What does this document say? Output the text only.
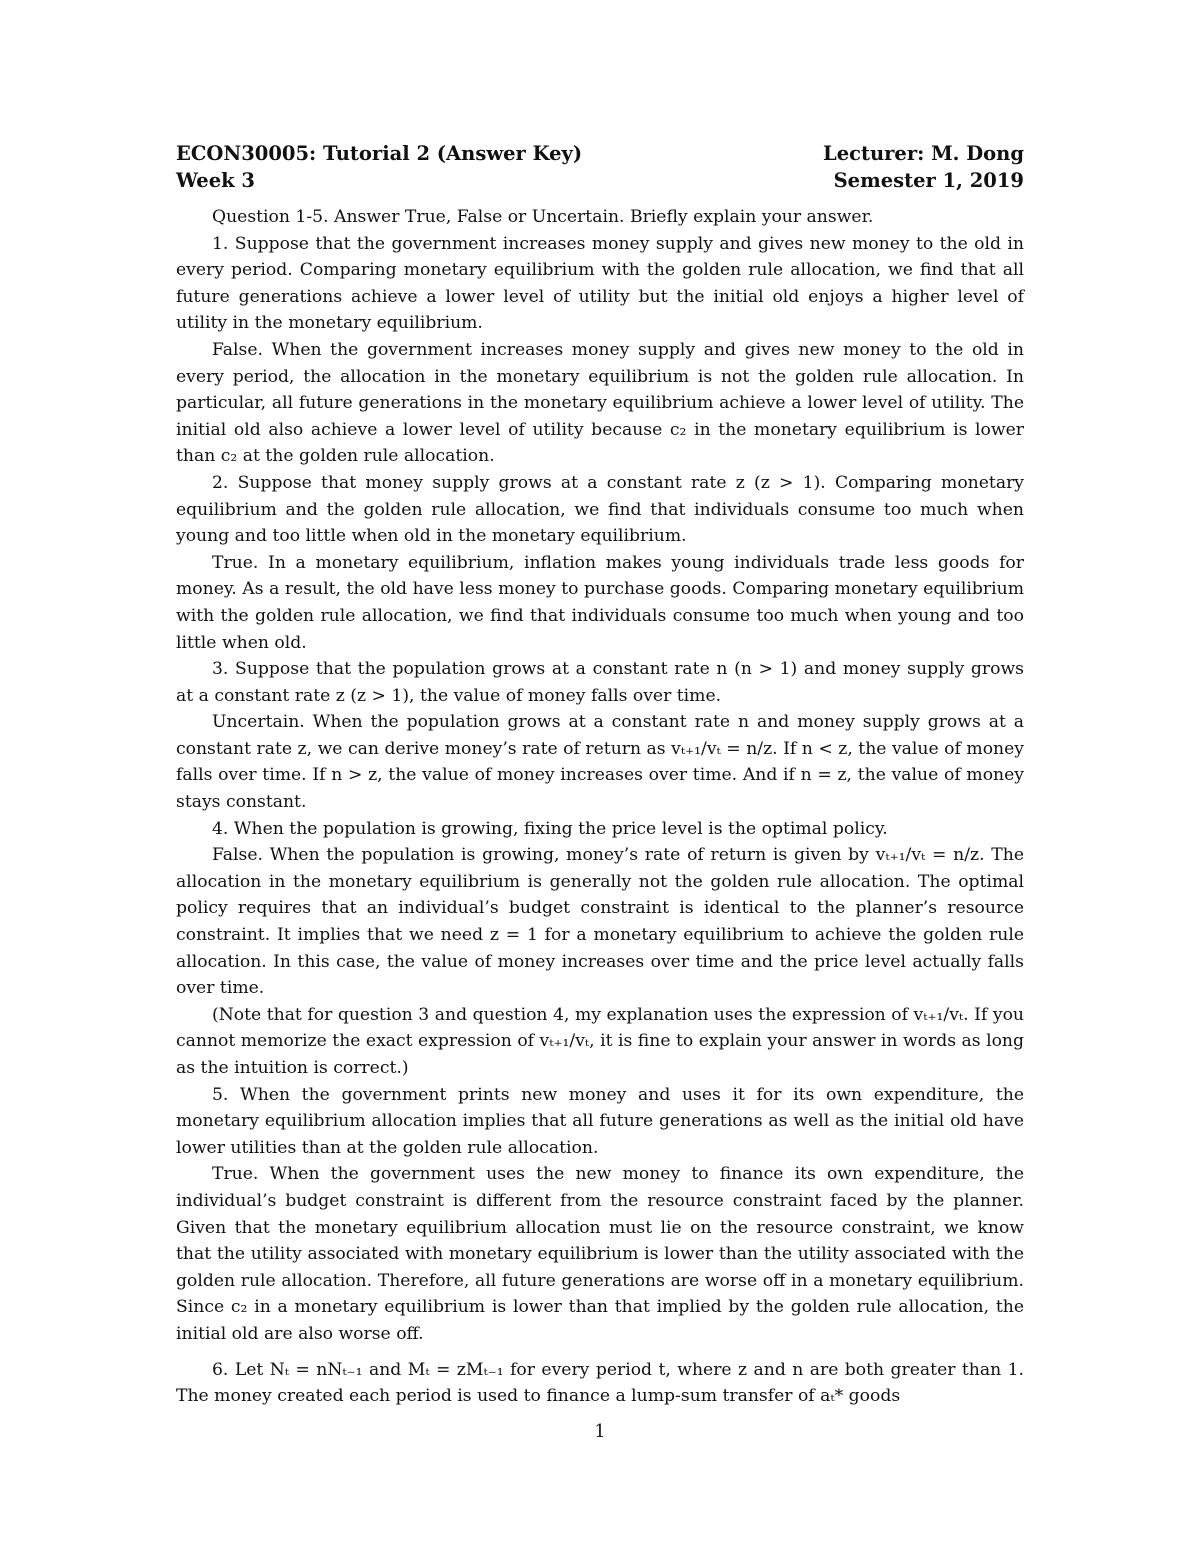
ECON30005: Tutorial 2 (Answer Key)	Lecturer: M. Dong
Week 3	Semester 1, 2019

Question 1-5. Answer True, False or Uncertain. Briefly explain your answer.

1. Suppose that the government increases money supply and gives new money to the old in every period. Comparing monetary equilibrium with the golden rule allocation, we find that all future generations achieve a lower level of utility but the initial old enjoys a higher level of utility in the monetary equilibrium.

False. When the government increases money supply and gives new money to the old in every period, the allocation in the monetary equilibrium is not the golden rule allocation. In particular, all future generations in the monetary equilibrium achieve a lower level of utility. The initial old also achieve a lower level of utility because c₂ in the monetary equilibrium is lower than c₂ at the golden rule allocation.

2. Suppose that money supply grows at a constant rate z (z > 1). Comparing monetary equilibrium and the golden rule allocation, we find that individuals consume too much when young and too little when old in the monetary equilibrium.

True. In a monetary equilibrium, inflation makes young individuals trade less goods for money. As a result, the old have less money to purchase goods. Comparing monetary equilibrium with the golden rule allocation, we find that individuals consume too much when young and too little when old.

3. Suppose that the population grows at a constant rate n (n > 1) and money supply grows at a constant rate z (z > 1), the value of money falls over time.

Uncertain. When the population grows at a constant rate n and money supply grows at a constant rate z, we can derive money’s rate of return as vₜ₊₁/vₜ = n/z. If n < z, the value of money falls over time. If n > z, the value of money increases over time. And if n = z, the value of money stays constant.

4. When the population is growing, fixing the price level is the optimal policy.

False. When the population is growing, money’s rate of return is given by vₜ₊₁/vₜ = n/z. The allocation in the monetary equilibrium is generally not the golden rule allocation. The optimal policy requires that an individual’s budget constraint is identical to the planner’s resource constraint. It implies that we need z = 1 for a monetary equilibrium to achieve the golden rule allocation. In this case, the value of money increases over time and the price level actually falls over time.

(Note that for question 3 and question 4, my explanation uses the expression of vₜ₊₁/vₜ. If you cannot memorize the exact expression of vₜ₊₁/vₜ, it is fine to explain your answer in words as long as the intuition is correct.)

5. When the government prints new money and uses it for its own expenditure, the monetary equilibrium allocation implies that all future generations as well as the initial old have lower utilities than at the golden rule allocation.

True. When the government uses the new money to finance its own expenditure, the individual’s budget constraint is different from the resource constraint faced by the planner. Given that the monetary equilibrium allocation must lie on the resource constraint, we know that the utility associated with monetary equilibrium is lower than the utility associated with the golden rule allocation. Therefore, all future generations are worse off in a monetary equilibrium. Since c₂ in a monetary equilibrium is lower than that implied by the golden rule allocation, the initial old are also worse off.

6. Let Nₜ = nNₜ₋₁ and Mₜ = zMₜ₋₁ for every period t, where z and n are both greater than 1. The money created each period is used to finance a lump-sum transfer of aₜ* goods

1
